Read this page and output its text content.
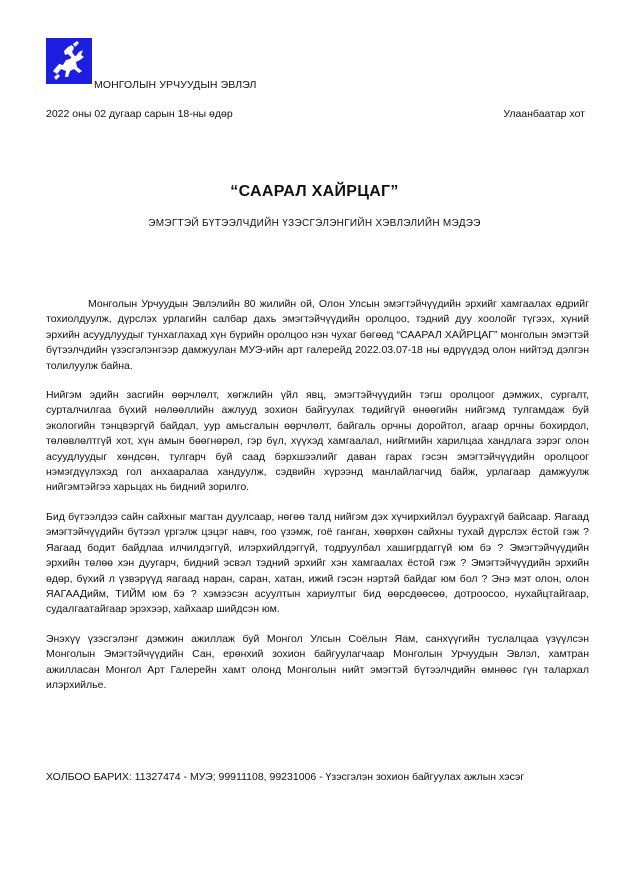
МОНГОЛЫН УРЧУУДЫН ЭВЛЭЛ
2022 оны 02 дугаар сарын 18-ны өдөр	Улаанбаатар хот
“СААРАЛ ХАЙРЦАГ”
ЭМЭГТЭЙ БҮТЭЭЛЧДИЙН ҮЗЭСГЭЛЭНГИЙН ХЭВЛЭЛИЙН МЭДЭЭ

Монголын Урчуудын Эвлэлийн 80 жилийн ой, Олон Улсын эмэгтэйчүүдийн эрхийг хамгаалах өдрийг тохиолдуулж, дүрслэх урлагийн салбар дахь эмэгтэйчүүдийн оролцоо, тэдний дуу хоолойг түгээх, хүний эрхийн асуудлуудыг тунхаглахад хүн бүрийн оролцоо нэн чухаг бөгөөд “СААРАЛ ХАЙРЦАГ” монголын эмэгтэй бүтээлчдийн үзэсгэлэнгээр дамжуулан МУЭ-ийн арт галерейд 2022.03.07-18 ны өдрүүдэд олон нийтэд дэлгэн толилуулж байна.

Нийгэм эдийн засгийн өөрчлөлт, хөгжлийн үйл явц, эмэгтэйчүүдийн тэгш оролцоог дэмжих, сургалт, сурталчилгаа бүхий нөлөөллийн ажлууд зохион байгуулах төдийгүй өнөөгийн нийгэмд тулгамдаж буй экологийн тэнцвэргүй байдал, уур амьсгалын өөрчлөлт, байгаль орчны доройтол, агаар орчны бохирдол, төлөвлөлтгүй хот, хүн амын бөөгнөрөл, гэр бүл, хүүхэд хамгаалал, нийгмийн харилцаа хандлага зэрэг олон асуудлуудыг хөндсөн, тулгарч буй саад бэрхшээлийг даван гарах гэсэн эмэгтэйчүүдийн оролцоог нэмэгдүүлэхэд гол анхааралаа хандуулж, сэдвийн хүрээнд манлайлагчид байж, урлагаар дамжуулж нийгэмтэйгээ харьцах нь бидний зорилго.

Бид бүтээлдээ сайн сайхныг магтан дуулсаар, нөгөө талд нийгэм дэх хүчирхийлэл буурахгүй байсаар. Яагаад эмэгтэйчүүдийн бүтээл үргэлж цэцэг навч, гоо үзэмж, гоё ганган, хөөрхөн сайхны тухай дүрслэх ёстой гэж ? Яагаад бодит байдлаа илчилдэггүй, илэрхийлдэггүй, тодруулбал хашигрдаггүй юм бэ ? Эмэгтэйчүүдийн эрхийн төлөө хэн дуугарч, бидний эсвэл тэдний эрхийг хэн хамгаалах ёстой гэж ? Эмэгтэйчүүдийн эрхийн өдөр, бүхий л үзвэрүүд яагаад наран, саран, хатан, ижий гэсэн нэртэй байдаг юм бол ? Энэ мэт олон, олон ЯАГААДийм, ТИЙМ юм бэ ? хэмээсэн асуултын хариултыг бид өөрсдөөсөө, дотроосоо, нухайцтайгаар, судалгаатайгаар эрэхээр, хайхаар шийдсэн юм.

Энэхүү үзэсгэлэнг дэмжин ажиллаж буй Монгол Улсын Соёлын Яам, санхүүгийн туслалцаа үзүүлсэн Монголын Эмэгтэйчүүдийн Сан, ерөнхий зохион байгуулагчаар Монголын Урчуудын Эвлэл, хамтран ажилласан Монгол Арт Галерейн хамт олонд Монголын нийт эмэгтэй бүтээлчдийн өмнөөс гүн талархал илэрхийлье.

ХОЛБОО БАРИХ: 11327474 - МУЭ; 99911108, 99231006 - Үзэсгэлэн зохион байгуулах ажлын хэсэг
